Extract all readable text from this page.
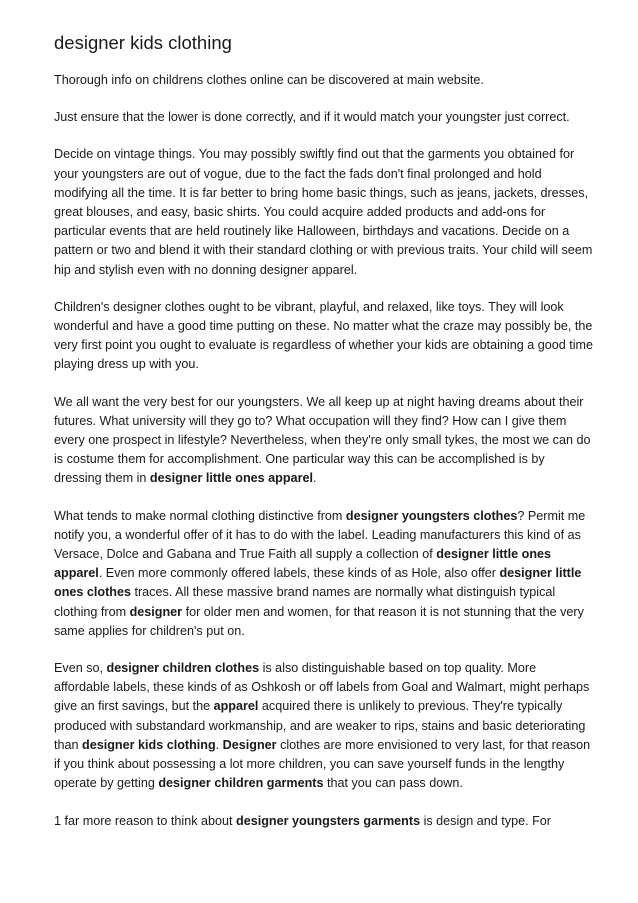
designer kids clothing

Thorough info on childrens clothes online can be discovered at main website.

Just ensure that the lower is done correctly, and if it would match your youngster just correct.

Decide on vintage things. You may possibly swiftly find out that the garments you obtained for your youngsters are out of vogue, due to the fact the fads don't final prolonged and hold modifying all the time. It is far better to bring home basic things, such as jeans, jackets, dresses, great blouses, and easy, basic shirts. You could acquire added products and add-ons for particular events that are held routinely like Halloween, birthdays and vacations. Decide on a pattern or two and blend it with their standard clothing or with previous traits. Your child will seem hip and stylish even with no donning designer apparel.

Children's designer clothes ought to be vibrant, playful, and relaxed, like toys. They will look wonderful and have a good time putting on these. No matter what the craze may possibly be, the very first point you ought to evaluate is regardless of whether your kids are obtaining a good time playing dress up with you.

We all want the very best for our youngsters. We all keep up at night having dreams about their futures. What university will they go to? What occupation will they find? How can I give them every one prospect in lifestyle? Nevertheless, when they're only small tykes, the most we can do is costume them for accomplishment. One particular way this can be accomplished is by dressing them in designer little ones apparel.

What tends to make normal clothing distinctive from designer youngsters clothes? Permit me notify you, a wonderful offer of it has to do with the label. Leading manufacturers this kind of as Versace, Dolce and Gabana and True Faith all supply a collection of designer little ones apparel. Even more commonly offered labels, these kinds of as Hole, also offer designer little ones clothes traces. All these massive brand names are normally what distinguish typical clothing from designer for older men and women, for that reason it is not stunning that the very same applies for children's put on.

Even so, designer children clothes is also distinguishable based on top quality. More affordable labels, these kinds of as Oshkosh or off labels from Goal and Walmart, might perhaps give an first savings, but the apparel acquired there is unlikely to previous. They're typically produced with substandard workmanship, and are weaker to rips, stains and basic deteriorating than designer kids clothing. Designer clothes are more envisioned to very last, for that reason if you think about possessing a lot more children, you can save yourself funds in the lengthy operate by getting designer children garments that you can pass down.

1 far more reason to think about designer youngsters garments is design and type. For
